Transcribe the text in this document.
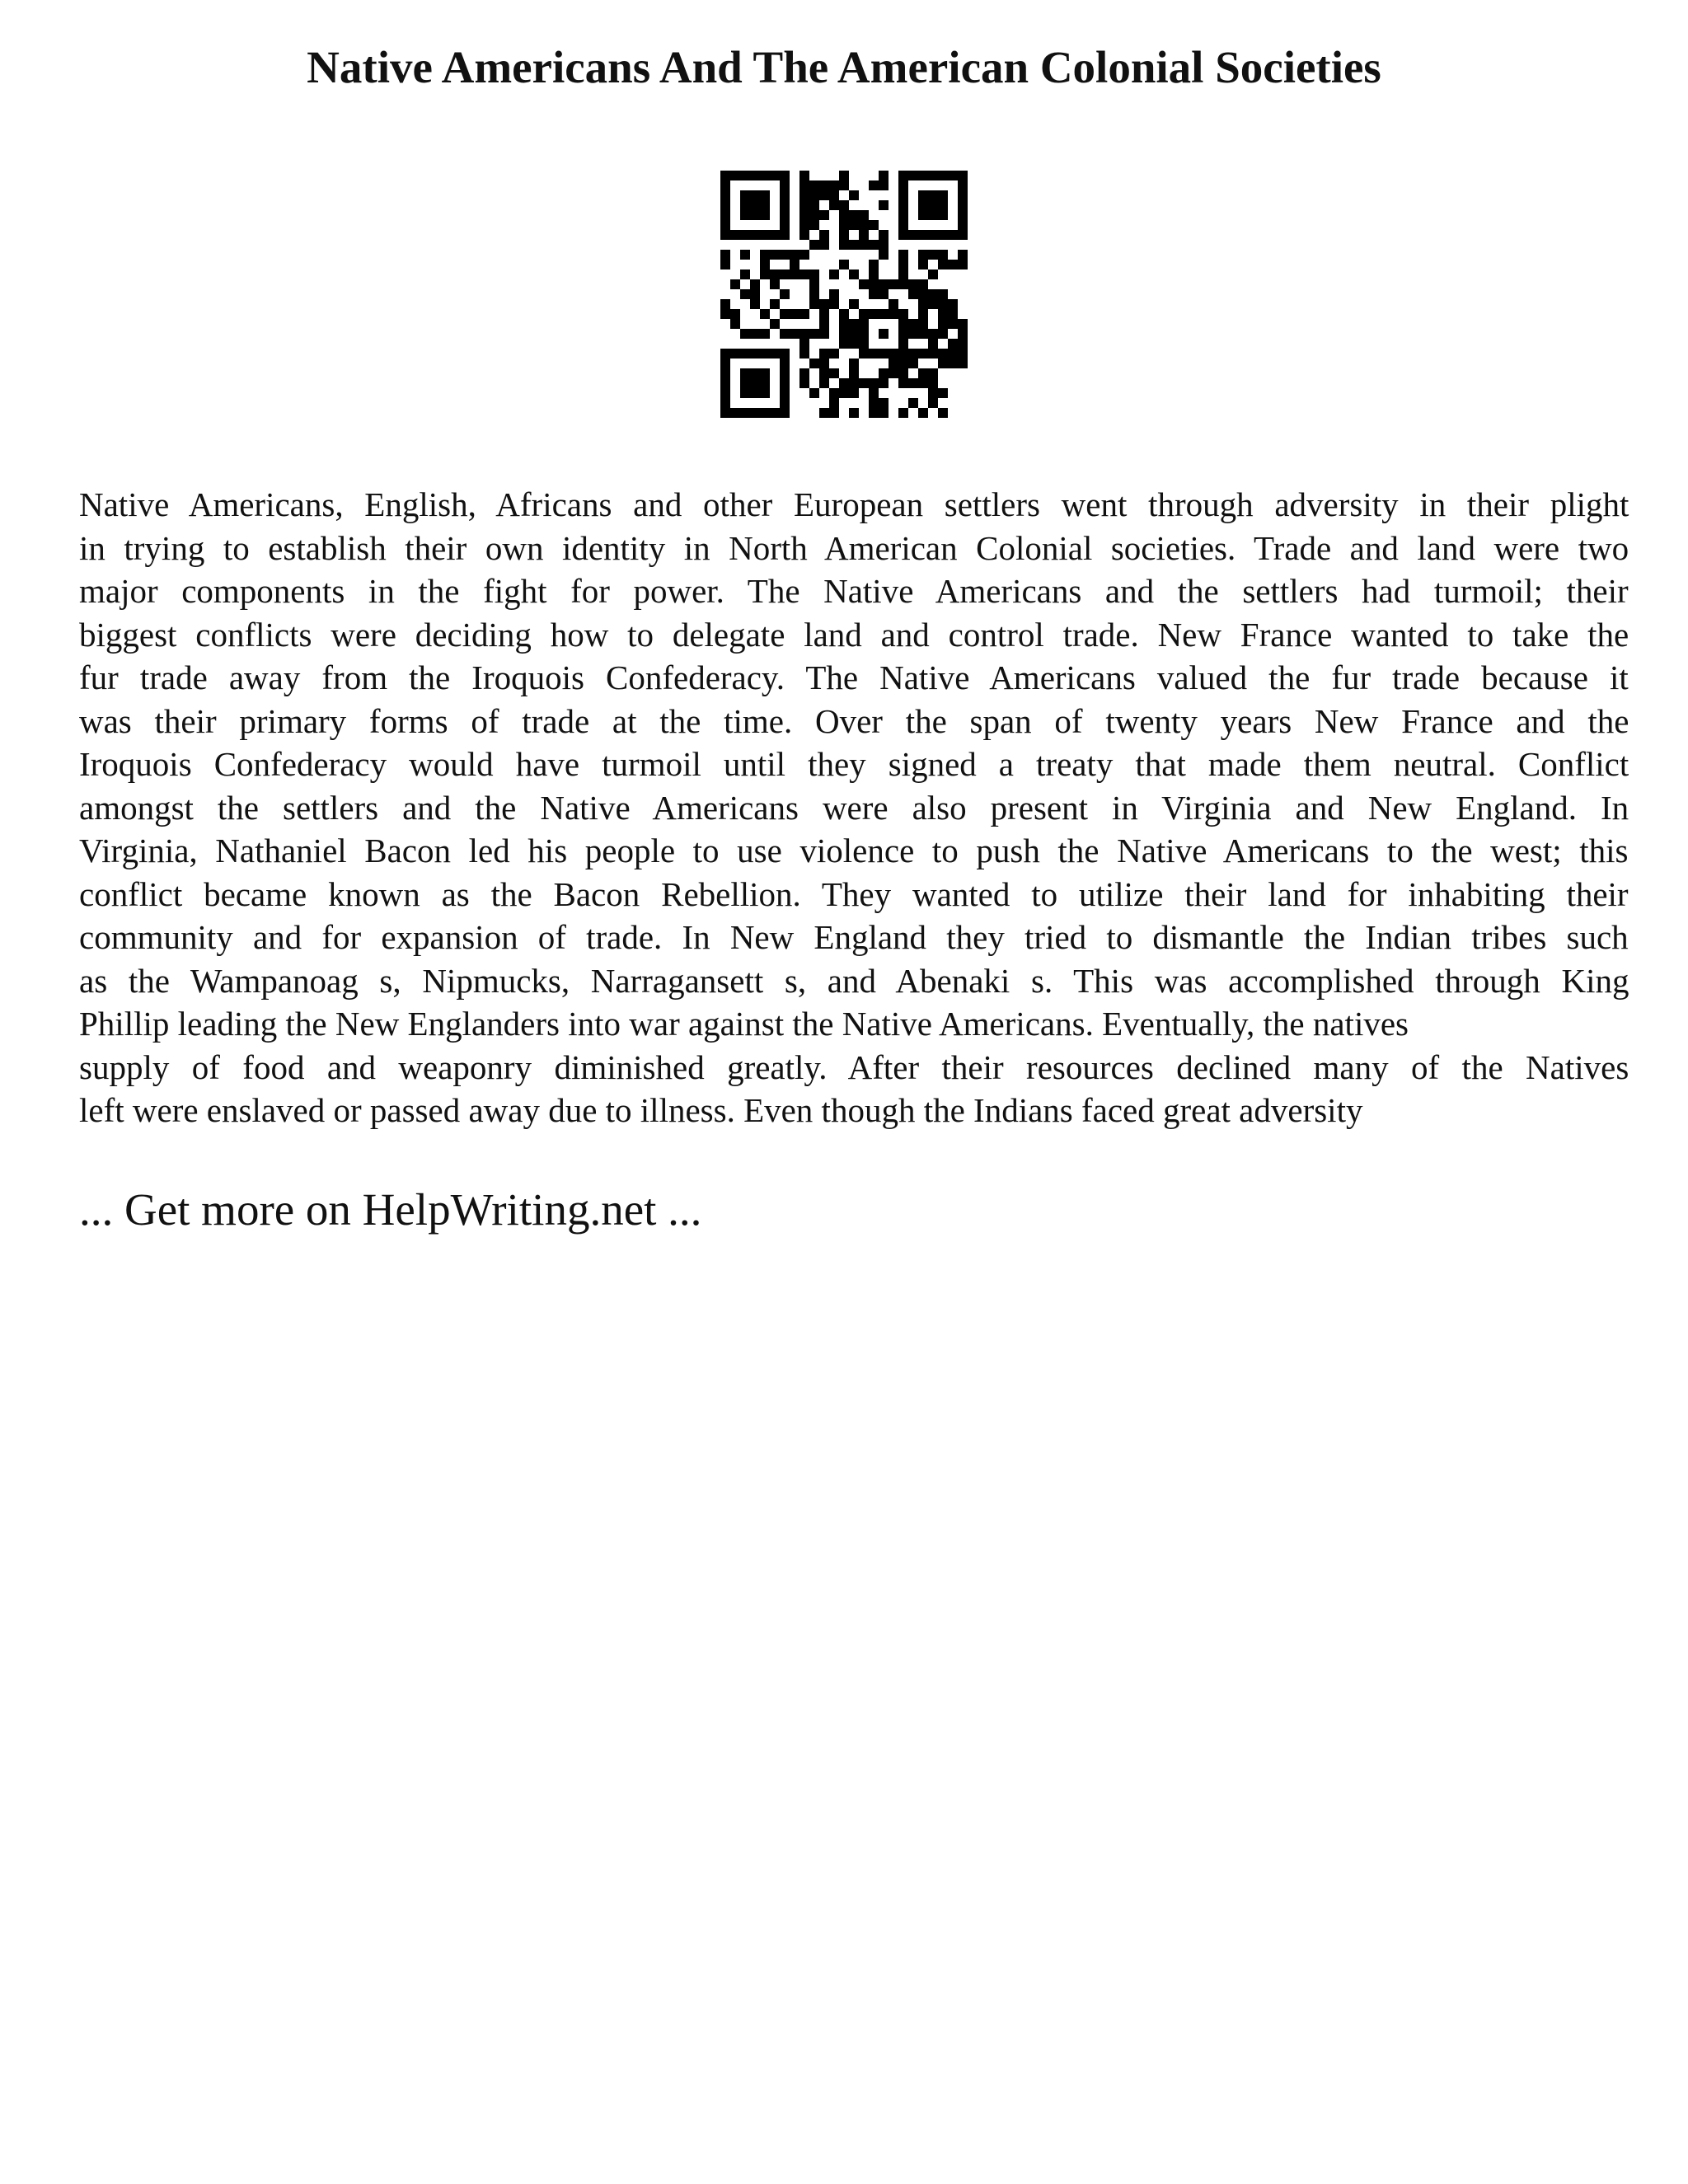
Native Americans And The American Colonial Societies
Native Americans, English, Africans and other European settlers went through adversity in their plight
in trying to establish their own identity in North American Colonial societies. Trade and land were two
major components in the fight for power. The Native Americans and the settlers had turmoil; their
biggest conflicts were deciding how to delegate land and control trade. New France wanted to take the
fur trade away from the Iroquois Confederacy. The Native Americans valued the fur trade because it
was their primary forms of trade at the time. Over the span of twenty years New France and the
Iroquois Confederacy would have turmoil until they signed a treaty that made them neutral. Conflict
amongst the settlers and the Native Americans were also present in Virginia and New England. In
Virginia, Nathaniel Bacon led his people to use violence to push the Native Americans to the west; this
conflict became known as the Bacon Rebellion. They wanted to utilize their land for inhabiting their
community and for expansion of trade. In New England they tried to dismantle the Indian tribes such
as the Wampanoag s, Nipmucks, Narragansett s, and Abenaki s. This was accomplished through King
Phillip leading the New Englanders into war against the Native Americans. Eventually, the natives
supply of food and weaponry diminished greatly. After their resources declined many of the Natives
left were enslaved or passed away due to illness. Even though the Indians faced great adversity

... Get more on HelpWriting.net ...
